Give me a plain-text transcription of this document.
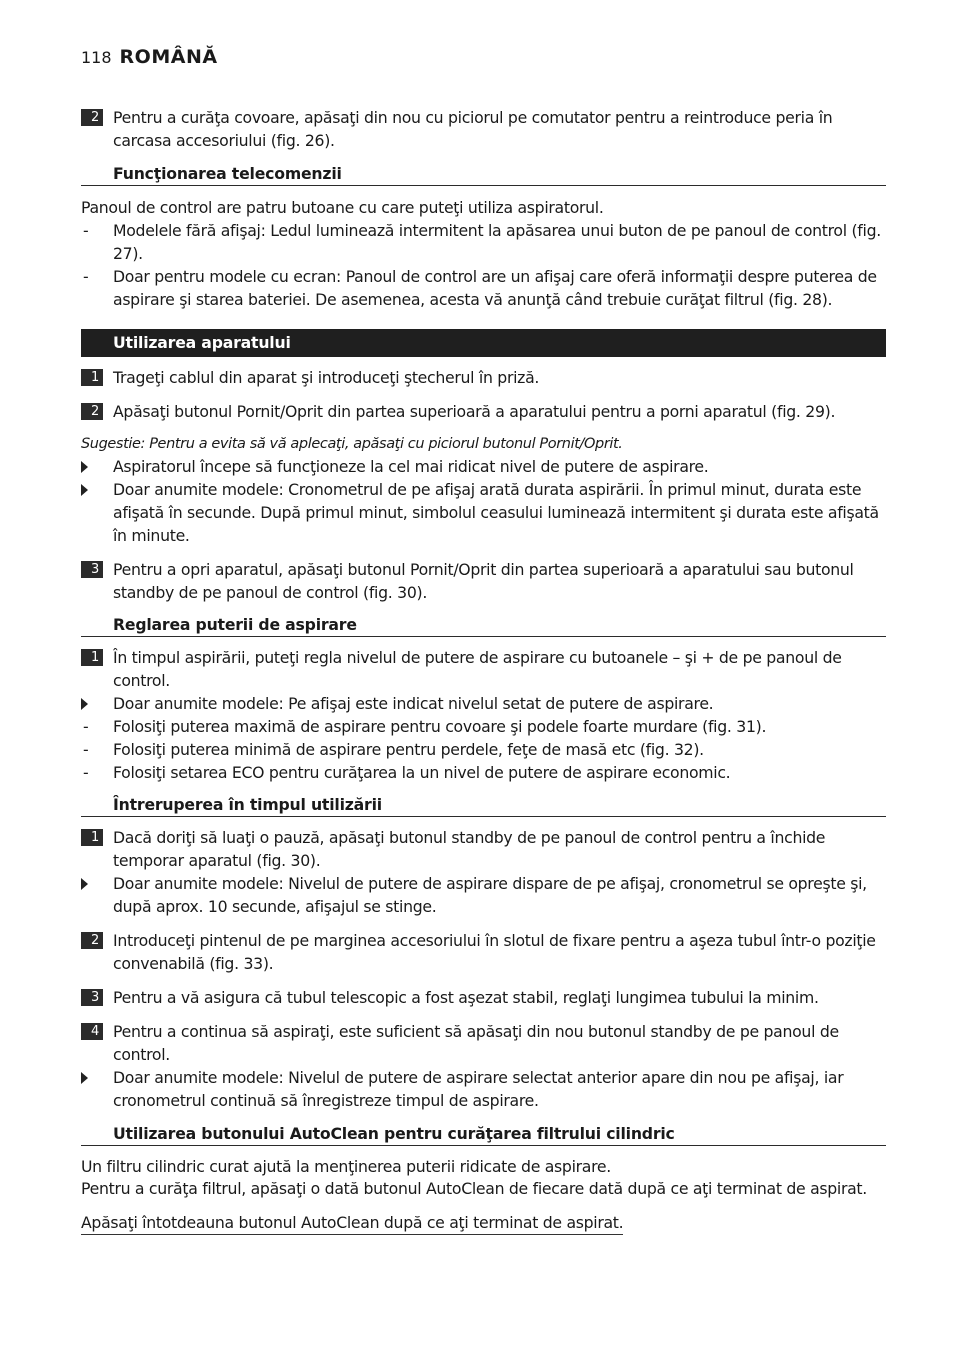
118 ROMÂNĂ
2 Pentru a curăţa covoare, apăsaţi din nou cu piciorul pe comutator pentru a reintroduce peria în carcasa accesoriului (fig. 26).
Funcţionarea telecomenzii
Panoul de control are patru butoane cu care puteţi utiliza aspiratorul.
- Modelele fără afişaj: Ledul luminează intermitent la apăsarea unui buton de pe panoul de control (fig. 27).
- Doar pentru modele cu ecran: Panoul de control are un afişaj care oferă informaţii despre puterea de aspirare şi starea bateriei. De asemenea, acesta vă anunţă când trebuie curăţat filtrul (fig. 28).
Utilizarea aparatului
1 Trageţi cablul din aparat şi introduceţi ştecherul în priză.
2 Apăsaţi butonul Pornit/Oprit din partea superioară a aparatului pentru a porni aparatul (fig. 29).
Sugestie: Pentru a evita să vă aplecaţi, apăsaţi cu piciorul butonul Pornit/Oprit.
Aspiratorul începe să funcţioneze la cel mai ridicat nivel de putere de aspirare.
Doar anumite modele: Cronometrul de pe afişaj arată durata aspirării. În primul minut, durata este afişată în secunde. După primul minut, simbolul ceasului luminează intermitent şi durata este afişată în minute.
3 Pentru a opri aparatul, apăsaţi butonul Pornit/Oprit din partea superioară a aparatului sau butonul standby de pe panoul de control (fig. 30).
Reglarea puterii de aspirare
1 În timpul aspirării, puteţi regla nivelul de putere de aspirare cu butoanele – şi + de pe panoul de control.
Doar anumite modele: Pe afişaj este indicat nivelul setat de putere de aspirare.
- Folosiţi puterea maximă de aspirare pentru covoare şi podele foarte murdare (fig. 31).
- Folosiţi puterea minimă de aspirare pentru perdele, feţe de masă etc (fig. 32).
- Folosiţi setarea ECO pentru curăţarea la un nivel de putere de aspirare economic.
Întreruperea în timpul utilizării
1 Dacă doriţi să luaţi o pauză, apăsaţi butonul standby de pe panoul de control pentru a închide temporar aparatul (fig. 30).
Doar anumite modele: Nivelul de putere de aspirare dispare de pe afişaj, cronometrul se opreşte şi, după aprox. 10 secunde, afişajul se stinge.
2 Introduceţi pintenul de pe marginea accesoriului în slotul de fixare pentru a aşeza tubul într-o poziţie convenabilă (fig. 33).
3 Pentru a vă asigura că tubul telescopic a fost aşezat stabil, reglaţi lungimea tubului la minim.
4 Pentru a continua să aspiraţi, este suficient să apăsaţi din nou butonul standby de pe panoul de control.
Doar anumite modele: Nivelul de putere de aspirare selectat anterior apare din nou pe afişaj, iar cronometrul continuă să înregistreze timpul de aspirare.
Utilizarea butonului AutoClean pentru curăţarea filtrului cilindric
Un filtru cilindric curat ajută la menţinerea puterii ridicate de aspirare.
Pentru a curăţa filtrul, apăsaţi o dată butonul AutoClean de fiecare dată după ce aţi terminat de aspirat.
Apăsaţi întotdeauna butonul AutoClean după ce aţi terminat de aspirat.
